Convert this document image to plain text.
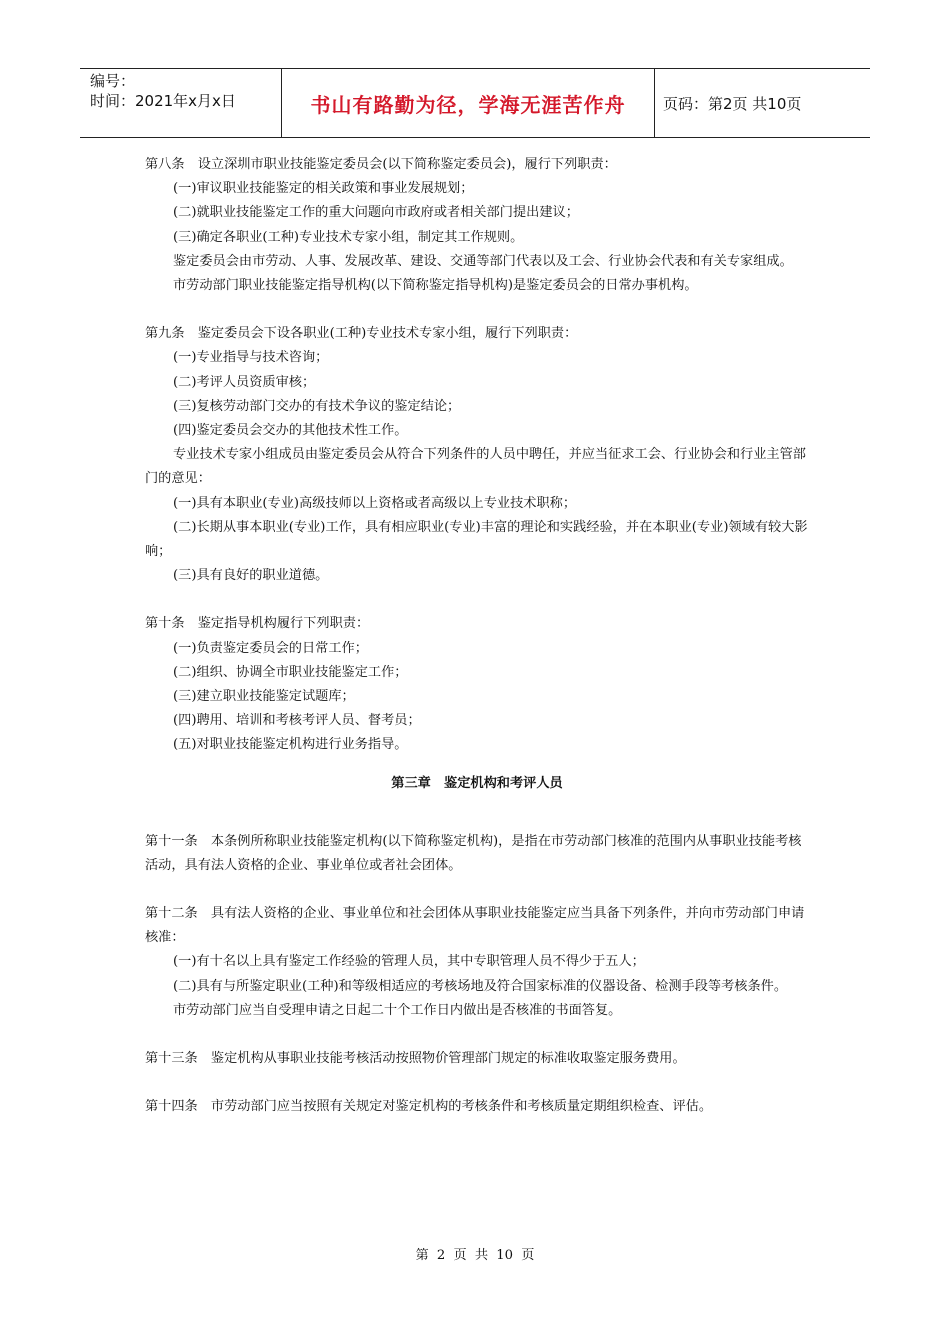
编号：
时间：2021年x月x日	书山有路勤为径，学海无涯苦作舟	页码：第2页 共10页

第八条　设立深圳市职业技能鉴定委员会(以下简称鉴定委员会)，履行下列职责：

(一)审议职业技能鉴定的相关政策和事业发展规划；

(二)就职业技能鉴定工作的重大问题向市政府或者相关部门提出建议；

(三)确定各职业(工种)专业技术专家小组，制定其工作规则。

鉴定委员会由市劳动、人事、发展改革、建设、交通等部门代表以及工会、行业协会代表和有关专家组成。

市劳动部门职业技能鉴定指导机构(以下简称鉴定指导机构)是鉴定委员会的日常办事机构。

第九条　鉴定委员会下设各职业(工种)专业技术专家小组，履行下列职责：

(一)专业指导与技术咨询；

(二)考评人员资质审核；

(三)复核劳动部门交办的有技术争议的鉴定结论；

(四)鉴定委员会交办的其他技术性工作。

专业技术专家小组成员由鉴定委员会从符合下列条件的人员中聘任，并应当征求工会、行业协会和行业主管部门的意见：

(一)具有本职业(专业)高级技师以上资格或者高级以上专业技术职称；

(二)长期从事本职业(专业)工作，具有相应职业(专业)丰富的理论和实践经验，并在本职业(专业)领域有较大影响；

(三)具有良好的职业道德。

第十条　鉴定指导机构履行下列职责：

(一)负责鉴定委员会的日常工作；

(二)组织、协调全市职业技能鉴定工作；

(三)建立职业技能鉴定试题库；

(四)聘用、培训和考核考评人员、督考员；

(五)对职业技能鉴定机构进行业务指导。

第三章　鉴定机构和考评人员

第十一条　本条例所称职业技能鉴定机构(以下简称鉴定机构)，是指在市劳动部门核准的范围内从事职业技能考核活动，具有法人资格的企业、事业单位或者社会团体。

第十二条　具有法人资格的企业、事业单位和社会团体从事职业技能鉴定应当具备下列条件，并向市劳动部门申请核准：

(一)有十名以上具有鉴定工作经验的管理人员，其中专职管理人员不得少于五人；

(二)具有与所鉴定职业(工种)和等级相适应的考核场地及符合国家标准的仪器设备、检测手段等考核条件。

市劳动部门应当自受理申请之日起二十个工作日内做出是否核准的书面答复。

第十三条　鉴定机构从事职业技能考核活动按照物价管理部门规定的标准收取鉴定服务费用。

第十四条　市劳动部门应当按照有关规定对鉴定机构的考核条件和考核质量定期组织检查、评估。

第 2 页 共 10 页
